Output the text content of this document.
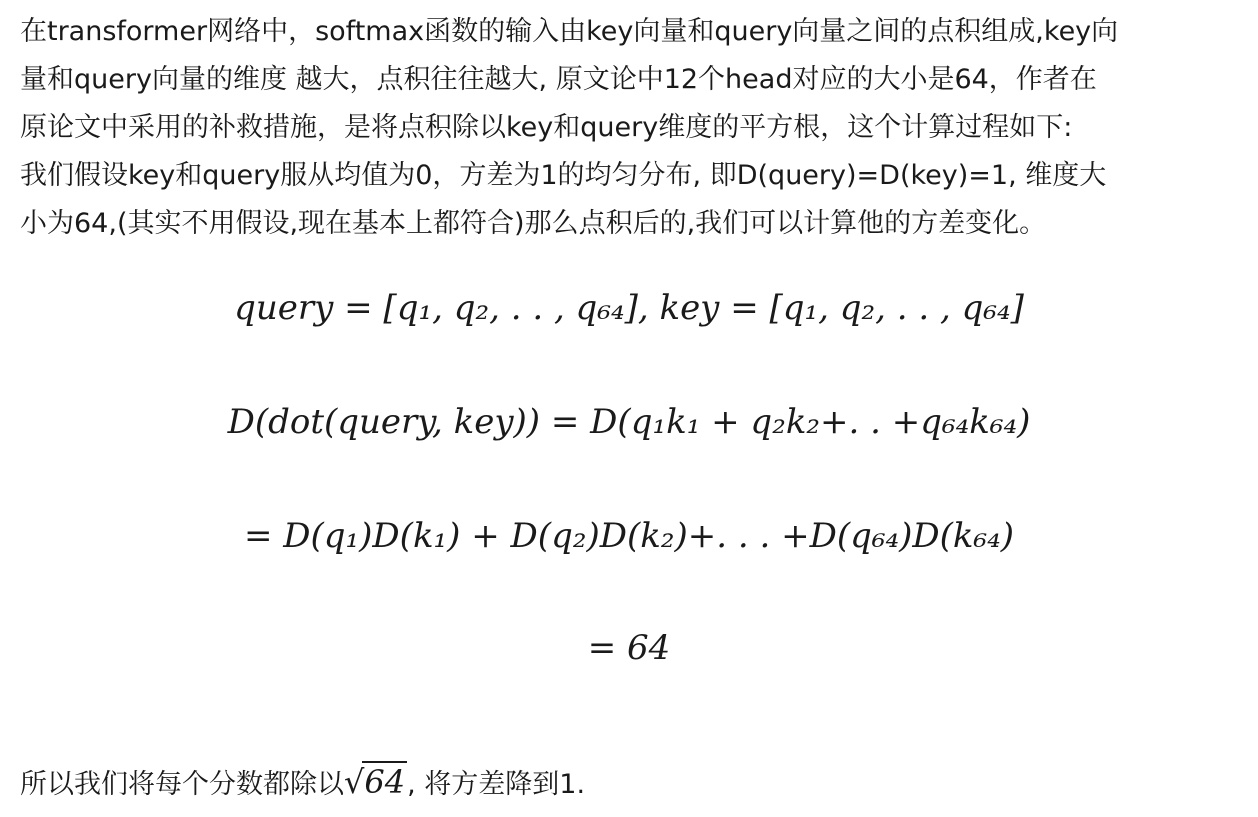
在transformer网络中，softmax函数的输入由key向量和query向量之间的点积组成,key向
量和query向量的维度 越大，点积往往越大, 原文论中12个head对应的大小是64，作者在
原论文中采用的补救措施，是将点积除以key和query维度的平方根，这个计算过程如下:
我们假设key和query服从均值为0，方差为1的均匀分布, 即D(query)=D(key)=1, 维度大
小为64,(其实不用假设,现在基本上都符合)那么点积后的,我们可以计算他的方差变化。
query = [q₁, q₂, . . , q₆₄], key = [q₁, q₂, . . , q₆₄]
D(dot(query, key)) = D(q₁k₁ + q₂k₂+. . +q₆₄k₆₄)
= D(q₁)D(k₁) + D(q₂)D(k₂)+. . . +D(q₆₄)D(k₆₄)
= 64
所以我们将每个分数都除以√64, 将方差降到1.
